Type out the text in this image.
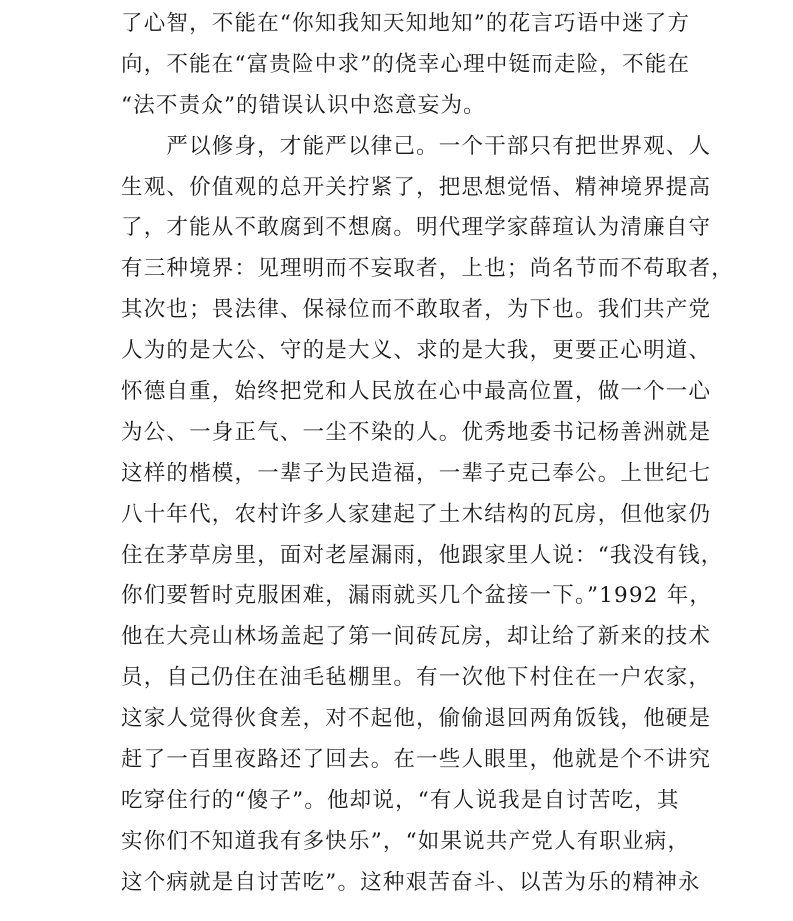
了心智，不能在“你知我知天知地知”的花言巧语中迷了方
向，不能在“富贵险中求”的侥幸心理中铤而走险，不能在
“法不责众”的错误认识中恣意妄为。
　　严以修身，才能严以律己。一个干部只有把世界观、人
生观、价值观的总开关拧紧了，把思想觉悟、精神境界提高
了，才能从不敢腐到不想腐。明代理学家薛瑄认为清廉自守
有三种境界：见理明而不妄取者，上也；尚名节而不苟取者，
其次也；畏法律、保禄位而不敢取者，为下也。我们共产党
人为的是大公、守的是大义、求的是大我，更要正心明道、
怀德自重，始终把党和人民放在心中最高位置，做一个一心
为公、一身正气、一尘不染的人。优秀地委书记杨善洲就是
这样的楷模，一辈子为民造福，一辈子克己奉公。上世纪七
八十年代，农村许多人家建起了土木结构的瓦房，但他家仍
住在茅草房里，面对老屋漏雨，他跟家里人说：“我没有钱，
你们要暂时克服困难，漏雨就买几个盆接一下。”1992 年，
他在大亮山林场盖起了第一间砖瓦房，却让给了新来的技术
员，自己仍住在油毛毡棚里。有一次他下村住在一户农家，
这家人觉得伙食差，对不起他，偷偷退回两角饭钱，他硬是
赶了一百里夜路还了回去。在一些人眼里，他就是个不讲究
吃穿住行的“傻子”。他却说，“有人说我是自讨苦吃，其
实你们不知道我有多快乐”，“如果说共产党人有职业病，
这个病就是自讨苦吃”。这种艰苦奋斗、以苦为乐的精神永
